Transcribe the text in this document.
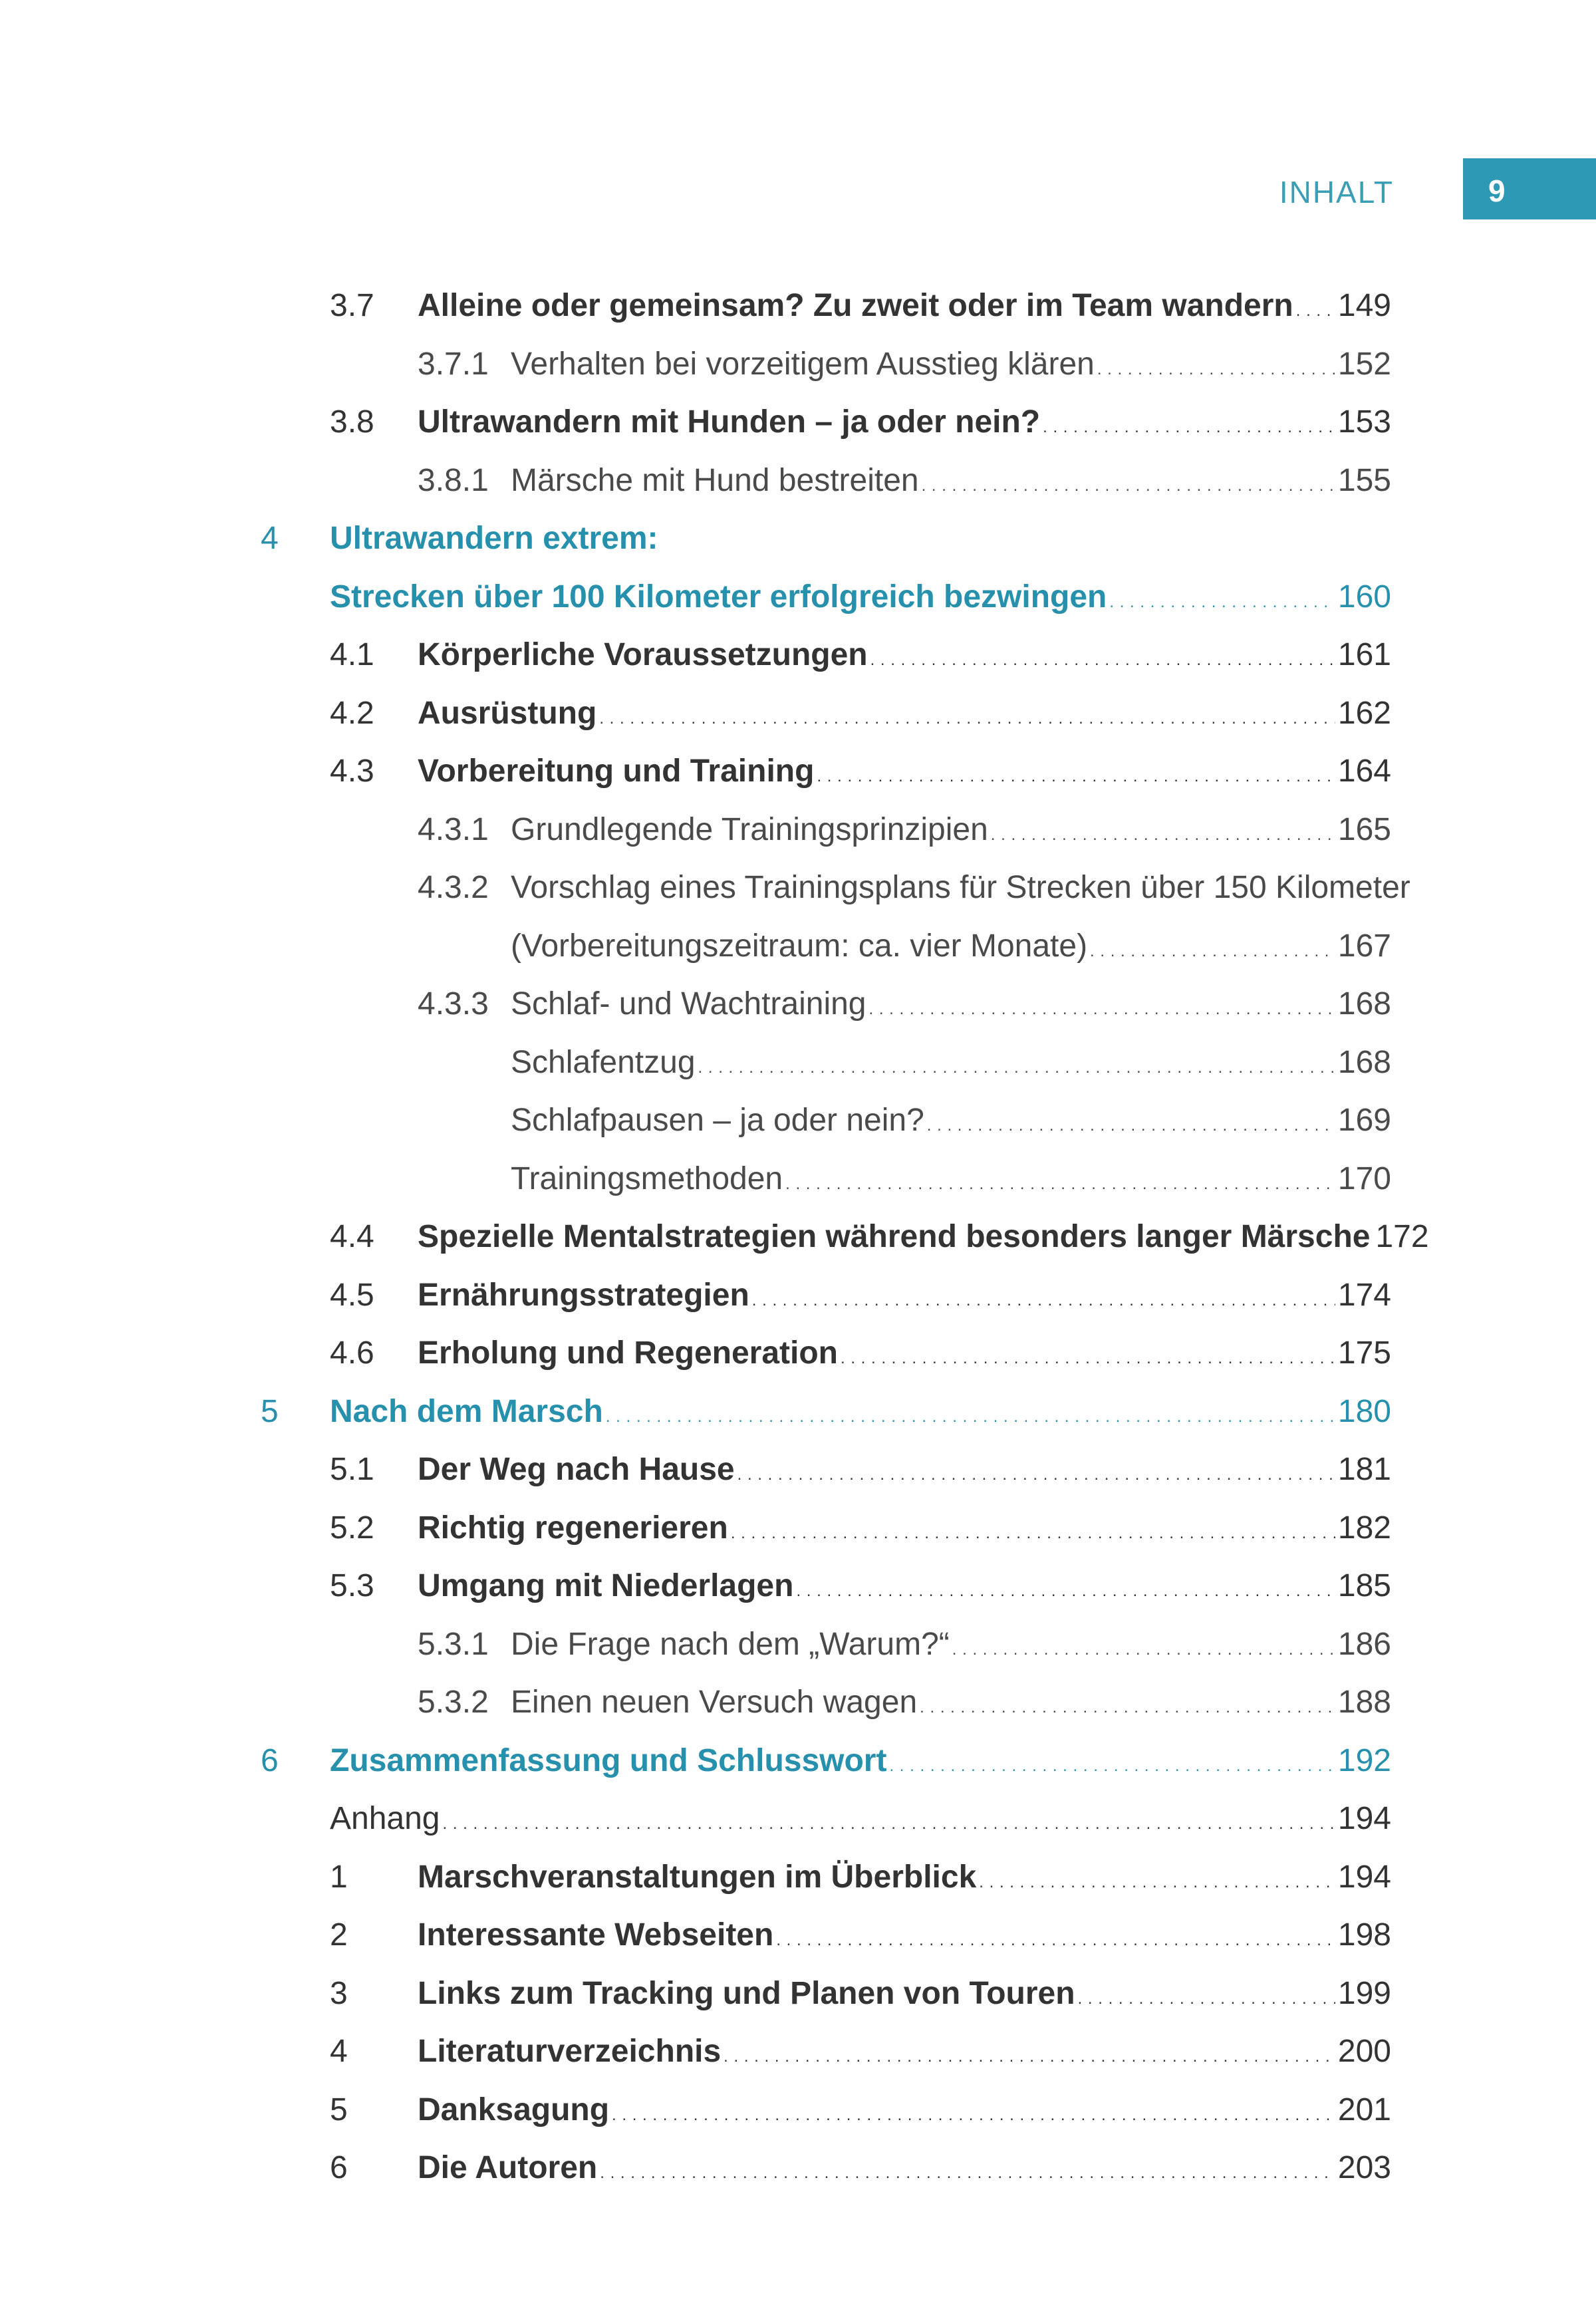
INHALT	9
3.7 Alleine oder gemeinsam? Zu zweit oder im Team wandern . . . 149
3.7.1 Verhalten bei vorzeitigem Ausstieg klären . . .	152
3.8 Ultrawandern mit Hunden – ja oder nein? . . .	153
3.8.1 Märsche mit Hund bestreiten . . .	155
4 Ultrawandern extrem:
Strecken über 100 Kilometer erfolgreich bezwingen . . .	160
4.1 Körperliche Voraussetzungen . . .	161
4.2 Ausrüstung . . .	162
4.3 Vorbereitung und Training . . .	164
4.3.1 Grundlegende Trainingsprinzipien . . .	165
4.3.2 Vorschlag eines Trainingsplans für Strecken über 150 Kilometer
(Vorbereitungszeitraum: ca. vier Monate) . . .	167
4.3.3 Schlaf- und Wachtraining . . .	168
Schlafentzug . . .	168
Schlafpausen – ja oder nein? . . .	169
Trainingsmethoden . . .	170
4.4 Spezielle Mentalstrategien während besonders langer Märsche 172
4.5 Ernährungsstrategien . . .	174
4.6 Erholung und Regeneration . . .	175
5 Nach dem Marsch . . .	180
5.1 Der Weg nach Hause . . .	181
5.2 Richtig regenerieren . . .	182
5.3 Umgang mit Niederlagen . . .	185
5.3.1 Die Frage nach dem „Warum?“ . . .	186
5.3.2 Einen neuen Versuch wagen . . .	188
6 Zusammenfassung und Schlusswort . . .	192
Anhang . . .	194
1 Marschveranstaltungen im Überblick . . .	194
2 Interessante Webseiten . . .	198
3 Links zum Tracking und Planen von Touren . . .	199
4 Literaturverzeichnis . . .	200
5 Danksagung . . .	201
6 Die Autoren . . .	203
